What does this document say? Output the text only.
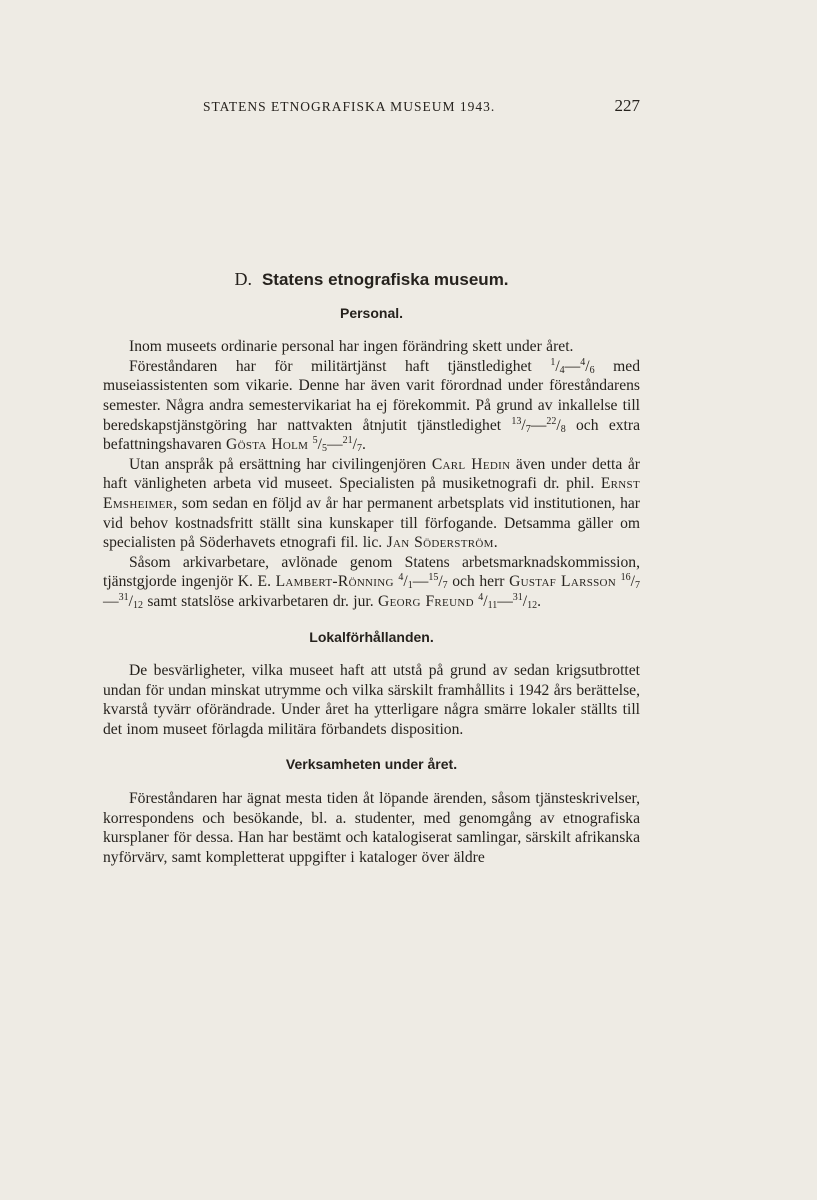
STATENS ETNOGRAFISKA MUSEUM 1943.	227
D. Statens etnografiska museum.
Personal.

Inom museets ordinarie personal har ingen förändring skett under året.

Föreståndaren har för militärtjänst haft tjänstledighet $^1/_4—^4/_6$ med museiassistenten som vikarie. Denne har även varit förordnad under föreståndarens semester. Några andra semestervikariat ha ej förekommit. På grund av inkallelse till beredskapstjänstgöring har nattvakten åtnjutit tjänstledighet $^{13}/_7—^{22}/_8$ och extra befattningshavaren Gösta Holm $^5/_5—^{21}/_7$.

Utan anspråk på ersättning har civilingenjören Carl Hedin även under detta år haft vänligheten arbeta vid museet. Specialisten på musiketnografi dr. phil. Ernst Emsheimer, som sedan en följd av år har permanent arbetsplats vid institutionen, har vid behov kostnadsfritt ställt sina kunskaper till förfogande. Detsamma gäller om specialisten på Söderhavets etnografi fil. lic. Jan Söderström.

Såsom arkivarbetare, avlönade genom Statens arbetsmarknadskommission, tjänstgjorde ingenjör K. E. Lambert-Rönning $^4/_1—^{15}/_7$ och herr Gustaf Larsson $^{16}/_7—^{31}/_{12}$ samt statslöse arkivarbetaren dr. jur. Georg Freund $^4/_{11}—^{31}/_{12}$.

Lokalförhållanden.

De besvärligheter, vilka museet haft att utstå på grund av sedan krigsutbrottet undan för undan minskat utrymme och vilka särskilt framhållits i 1942 års berättelse, kvarstå tyvärr oförändrade. Under året ha ytterligare några smärre lokaler ställts till det inom museet förlagda militära förbandets disposition.

Verksamheten under året.

Föreståndaren har ägnat mesta tiden åt löpande ärenden, såsom tjänsteskrivelser, korrespondens och besökande, bl. a. studenter, med genomgång av etnografiska kursplaner för dessa. Han har bestämt och katalogiserat samlingar, särskilt afrikanska nyförvärv, samt kompletterat uppgifter i kataloger över äldre
